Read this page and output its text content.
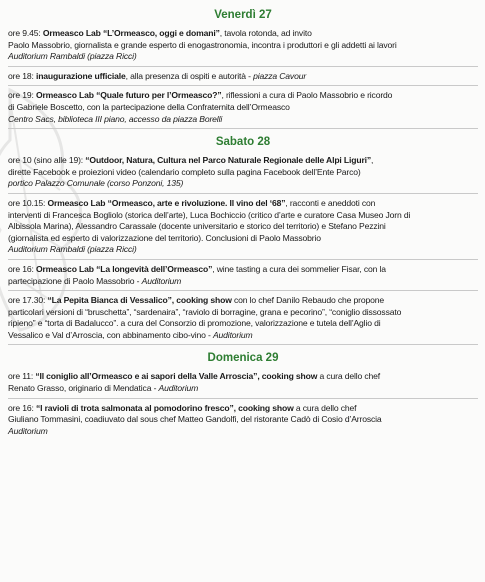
Venerdì 27
ore 9.45: Ormeasco Lab “L’Ormeasco, oggi e domani”, tavola rotonda, ad invito
Paolo Massobrio, giornalista e grande esperto di enogastronomia, incontra i produttori e gli addetti ai lavori
Auditorium Rambaldi (piazza Ricci)
ore 18: inaugurazione ufficiale, alla presenza di ospiti e autorità - piazza Cavour
ore 19: Ormeasco Lab “Quale futuro per l’Ormeasco?”, riflessioni a cura di Paolo Massobrio e ricordo
di Gabriele Boscetto, con la partecipazione della Confraternita dell’Ormeasco
Centro Sacs, biblioteca III piano, accesso da piazza Borelli
Sabato 28
ore 10 (sino alle 19): “Outdoor, Natura, Cultura nel Parco Naturale Regionale delle Alpi Liguri”,
dirette Facebook e proiezioni video (calendario completo sulla pagina Facebook dell’Ente Parco)
portico Palazzo Comunale (corso Ponzoni, 135)
ore 10.15: Ormeasco Lab “Ormeasco, arte e rivoluzione. Il vino del ‘68”, racconti e aneddoti con
interventi di Francesca Bogliolo (storica dell’arte), Luca Bochiccio (critico d’arte e curatore Casa Museo Jorn di
Albissola Marina), Alessandro Carassale (docente universitario e storico del territorio) e Stefano Pezzini
(giornalista ed esperto di valorizzazione del territorio). Conclusioni di Paolo Massobrio
Auditorium Rambaldi (piazza Ricci)
ore 16: Ormeasco Lab “La longevità dell’Ormeasco”, wine tasting a cura dei sommelier Fisar, con la
partecipazione di Paolo Massobrio - Auditorium
ore 17.30: “La Pepita Bianca di Vessalico”, cooking show con lo chef Danilo Rebaudo che propone
particolari versioni di “bruschetta”, “sardenaira”, “raviolo di borragine, grana e pecorino”, “coniglio dissossato
ripieno” e “torta di Badalucco”. a cura del Consorzio di promozione, valorizzazione e tutela dell’Aglio di
Vessalico e Val d’Arroscia, con abbinamento cibo-vino - Auditorium
Domenica 29
ore 11: “Il coniglio all’Ormeasco e ai sapori della Valle Arroscia”, cooking show a cura dello chef
Renato Grasso, originario di Mendatica - Auditorium
ore 16: “I ravioli di trota salmonata al pomodorino fresco”, cooking show a cura dello chef
Giuliano Tommasini, coadiuvato dal sous chef Matteo Gandolfi, del ristorante Cadò di Cosio d’Arroscia
Auditorium
